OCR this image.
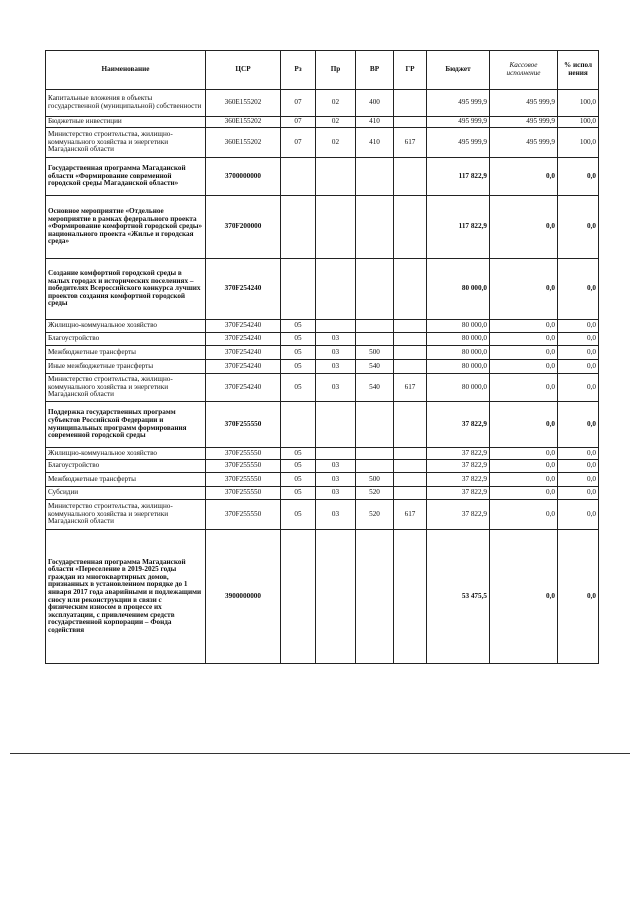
Наименование	ЦСР	Рз	Пр	ВР	ГР	Бюджет	Кассовое исполнение	% испол нения
Капитальные вложения в объекты государственной (муниципальной) собственности	360E155202	07	02	400		495 999,9	495 999,9	100,0
Бюджетные инвестиции	360E155202	07	02	410		495 999,9	495 999,9	100,0
Министерство строительства, жилищно-коммунального хозяйства и энергетики Магаданской области	360E155202	07	02	410	617	495 999,9	495 999,9	100,0
Государственная программа Магаданской области «Формирование современной городской среды Магаданской области»	3700000000					117 822,9	0,0	0,0
Основное мероприятие «Отдельное мероприятие в рамках федерального проекта «Формирование комфортной городской среды» национального проекта «Жилье и городская среда»	370F200000					117 822,9	0,0	0,0
Создание комфортной городской среды в малых городах и исторических поселениях – победителях Всероссийского конкурса лучших проектов создания комфортной городской среды	370F254240					80 000,0	0,0	0,0
Жилищно-коммунальное хозяйство	370F254240	05				80 000,0	0,0	0,0
Благоустройство	370F254240	05	03			80 000,0	0,0	0,0
Межбюджетные трансферты	370F254240	05	03	500		80 000,0	0,0	0,0
Иные межбюджетные трансферты	370F254240	05	03	540		80 000,0	0,0	0,0
Министерство строительства, жилищно-коммунального хозяйства и энергетики Магаданской области	370F254240	05	03	540	617	80 000,0	0,0	0,0
Поддержка государственных программ субъектов Российской Федерации и муниципальных программ формирования современной городской среды	370F255550					37 822,9	0,0	0,0
Жилищно-коммунальное хозяйство	370F255550	05				37 822,9	0,0	0,0
Благоустройство	370F255550	05	03			37 822,9	0,0	0,0
Межбюджетные трансферты	370F255550	05	03	500		37 822,9	0,0	0,0
Субсидии	370F255550	05	03	520		37 822,9	0,0	0,0
Министерство строительства, жилищно-коммунального хозяйства и энергетики Магаданской области	370F255550	05	03	520	617	37 822,9	0,0	0,0
Государственная программа Магаданской области «Переселение в 2019-2025 годы граждан из многоквартирных домов, признанных в установленном порядке до 1 января 2017 года аварийными и подлежащими сносу или реконструкции в связи с физическим износом в процессе их эксплуатации, с привлечением средств государственной корпорации – Фонда содействия	3900000000					53 475,5	0,0	0,0
